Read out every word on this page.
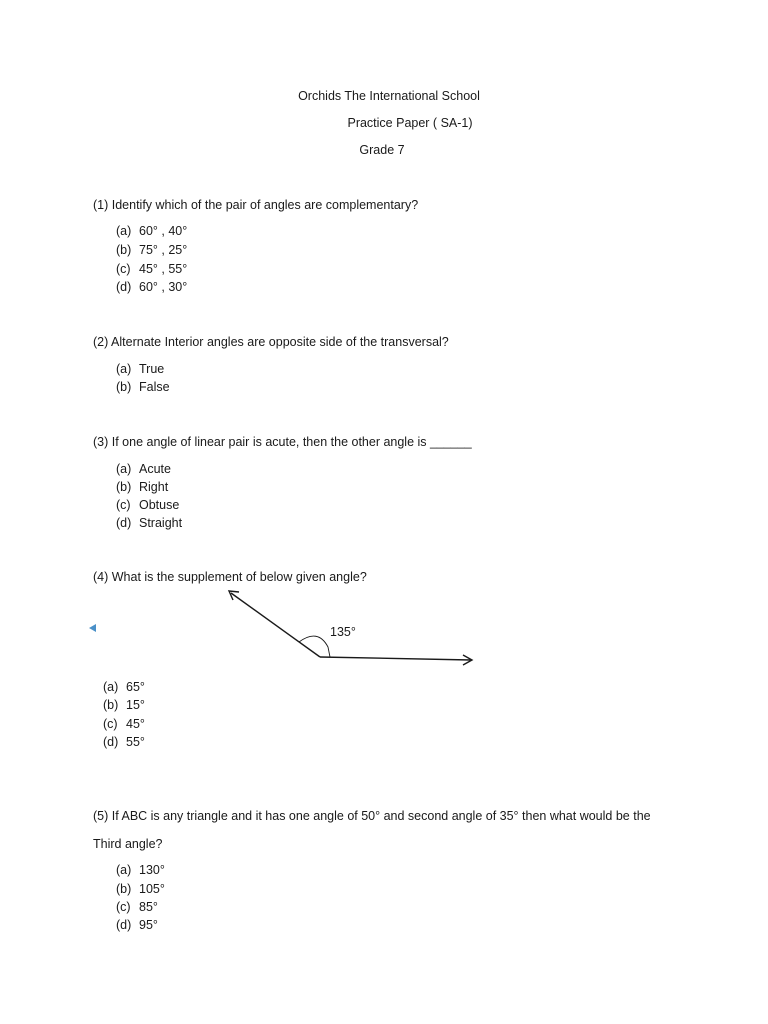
Orchids The International School
Practice Paper ( SA-1)
Grade 7
(1) Identify which of the pair of angles are complementary?
(a) 60° , 40°
(b) 75° , 25°
(c) 45° , 55°
(d) 60° , 30°
(2) Alternate Interior angles are opposite side of the transversal?
(a) True
(b) False
(3) If one angle of linear pair is acute, then the other angle is ______
(a) Acute
(b) Right
(c) Obtuse
(d) Straight
(4) What is the supplement of below given angle?
135°
(a) 65°
(b) 15°
(c) 45°
(d) 55°
(5) If ABC is any triangle and it has one angle of 50° and second angle of 35° then what would be the
Third angle?
(a) 130°
(b) 105°
(c) 85°
(d) 95°
